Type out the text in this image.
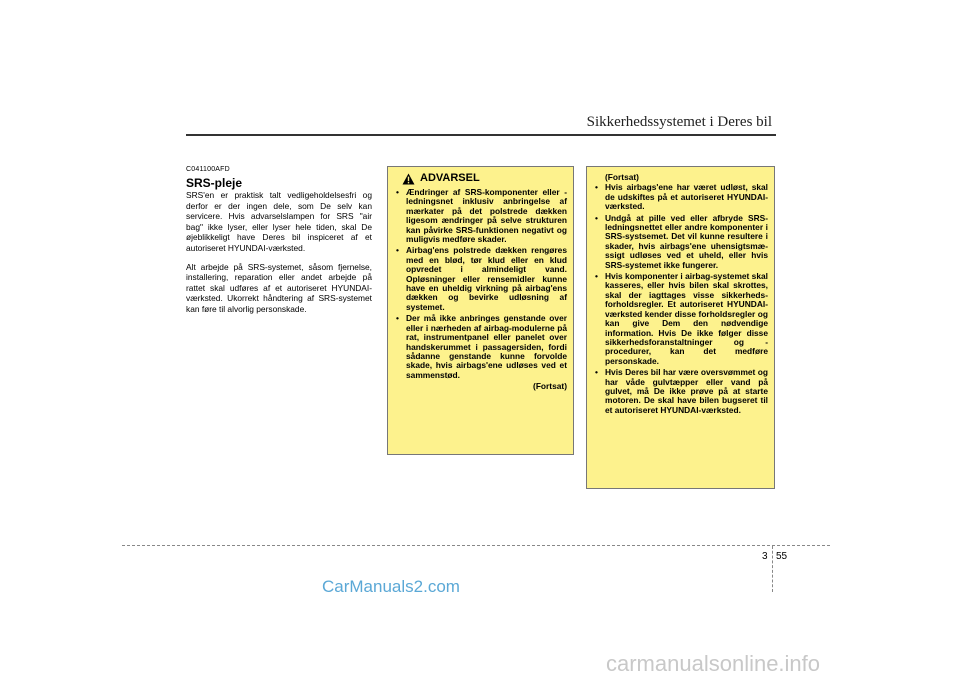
Sikkerhedssystemet i Deres bil
C041100AFD
SRS-pleje

SRS'en er praktisk talt vedligeholdelsesfri og derfor er der ingen dele, som De selv kan servicere. Hvis advarselslampen for SRS "air bag" ikke lyser, eller lyser hele tiden, skal De øjeblikkeligt have Deres bil inspiceret af et autoriseret HYUNDAI-værksted.

Alt arbejde på SRS-systemet, såsom fjernelse, installering, reparation eller andet arbejde på rattet skal udføres af et autoriseret HYUNDAI-værksted. Ukorrekt håndtering af SRS-systemet kan føre til alvorlig personskade.

ADVARSEL
• Ændringer af SRS-komponenter eller -ledningsnet inklusiv anbringelse af mærkater på det polstrede dækken ligesom ændringer på selve strukturen kan påvirke SRS-funktionen negativt og muligvis medføre skader.
• Airbag'ens polstrede dækken rengøres med en blød, tør klud eller en klud opvredet i almindeligt vand. Opløsninger eller rensemidler kunne have en uheldig virkning på airbag'ens dækken og bevirke udløsning af systemet.
• Der må ikke anbringes genstande over eller i nærheden af airbag-modulerne på rat, instrumentpanel eller panelet over handskerummet i passagersiden, fordi sådanne genstande kunne forvolde skade, hvis airbags'ene udløses ved et sammenstød.
(Fortsat)
(Fortsat)
• Hvis airbags'ene har været udløst, skal de udskiftes på et autoriseret HYUNDAI-værksted.
• Undgå at pille ved eller afbryde SRS-ledningsnettet eller andre komponenter i SRS-systsemet. Det vil kunne resultere i skader, hvis airbags'ene uhensigtsmæ-ssigt udløses ved et uheld, eller hvis SRS-systemet ikke fungerer.
• Hvis komponenter i airbag-systemet skal kasseres, eller hvis bilen skal skrottes, skal der iagttages visse sikkerheds-forholdsregler. Et autoriseret HYUNDAI-værksted kender disse forholdsregler og kan give Dem den nødvendige information. Hvis De ikke følger disse sikkerhedsforanstaltninger og -procedurer, kan det medføre personskade.
• Hvis Deres bil har være oversvømmet og har våde gulvtæpper eller vand på gulvet, må De ikke prøve på at starte motoren. De skal have bilen bugseret til et autoriseret HYUNDAI-værksted.
3 55
CarManuals2.com
carmanualsonline.info
